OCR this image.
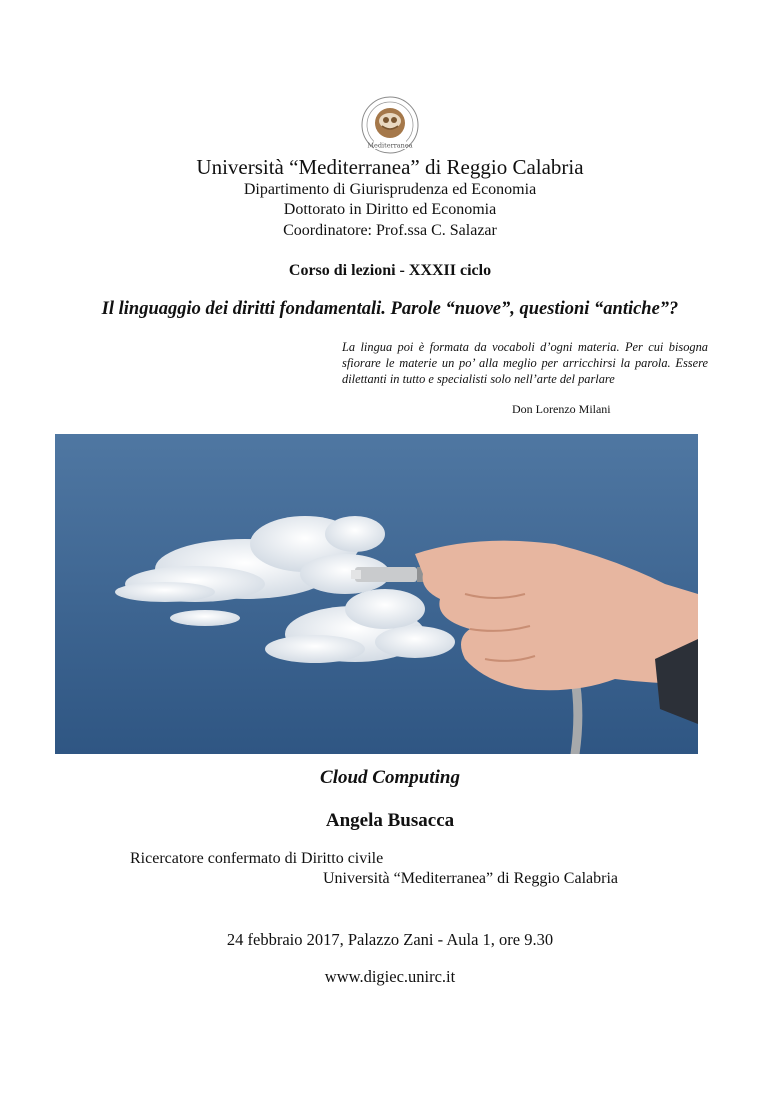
Mediterranea
Università “Mediterranea” di Reggio Calabria
Dipartimento di Giurisprudenza ed Economia
Dottorato in Diritto ed Economia
Coordinatore: Prof.ssa C. Salazar
Corso di lezioni - XXXII ciclo
Il linguaggio dei diritti fondamentali. Parole “nuove”, questioni “antiche”?
La lingua poi è formata da vocaboli d’ogni materia. Per cui bisogna sfiorare le materie un po’ alla meglio per arricchirsi la parola. Essere dilettanti in tutto e specialisti solo nell’arte del parlare
Don Lorenzo Milani
Cloud Computing
Angela Busacca
Ricercatore confermato di Diritto civile
Università “Mediterranea” di Reggio Calabria
24 febbraio 2017, Palazzo Zani - Aula 1, ore 9.30
www.digiec.unirc.it
